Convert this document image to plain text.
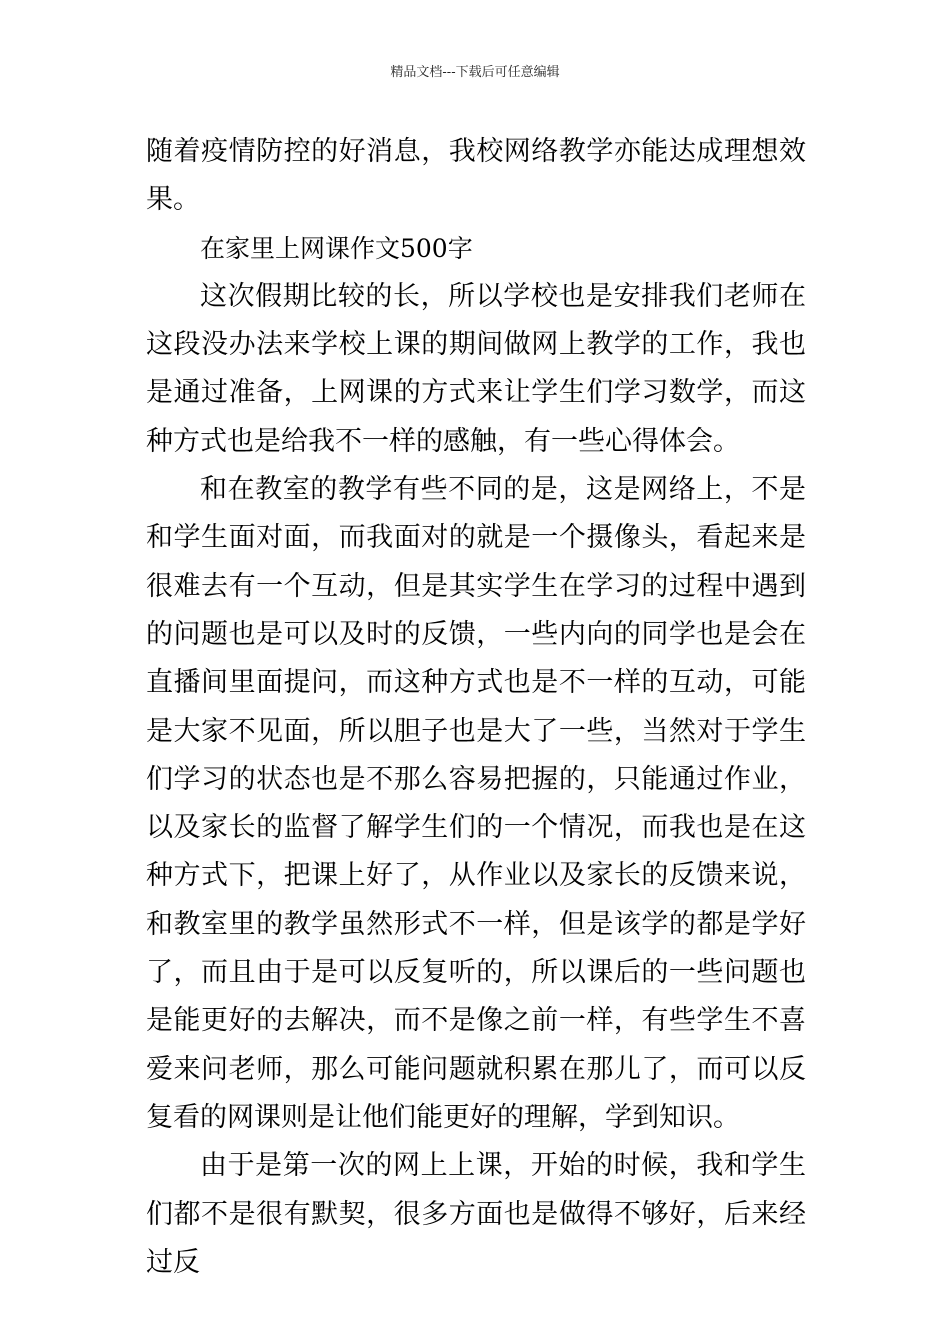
精品文档---下载后可任意编辑

随着疫情防控的好消息，我校网络教学亦能达成理想效果。

在家里上网课作文500字

这次假期比较的长，所以学校也是安排我们老师在这段没办法来学校上课的期间做网上教学的工作，我也是通过准备，上网课的方式来让学生们学习数学，而这种方式也是给我不一样的感触，有一些心得体会。

和在教室的教学有些不同的是，这是网络上，不是和学生面对面，而我面对的就是一个摄像头，看起来是很难去有一个互动，但是其实学生在学习的过程中遇到的问题也是可以及时的反馈，一些内向的同学也是会在直播间里面提问，而这种方式也是不一样的互动，可能是大家不见面，所以胆子也是大了一些，当然对于学生们学习的状态也是不那么容易把握的，只能通过作业，以及家长的监督了解学生们的一个情况，而我也是在这种方式下，把课上好了，从作业以及家长的反馈来说，和教室里的教学虽然形式不一样，但是该学的都是学好了，而且由于是可以反复听的，所以课后的一些问题也是能更好的去解决，而不是像之前一样，有些学生不喜爱来问老师，那么可能问题就积累在那儿了，而可以反复看的网课则是让他们能更好的理解，学到知识。

由于是第一次的网上上课，开始的时候，我和学生们都不是很有默契，很多方面也是做得不够好，后来经过反
